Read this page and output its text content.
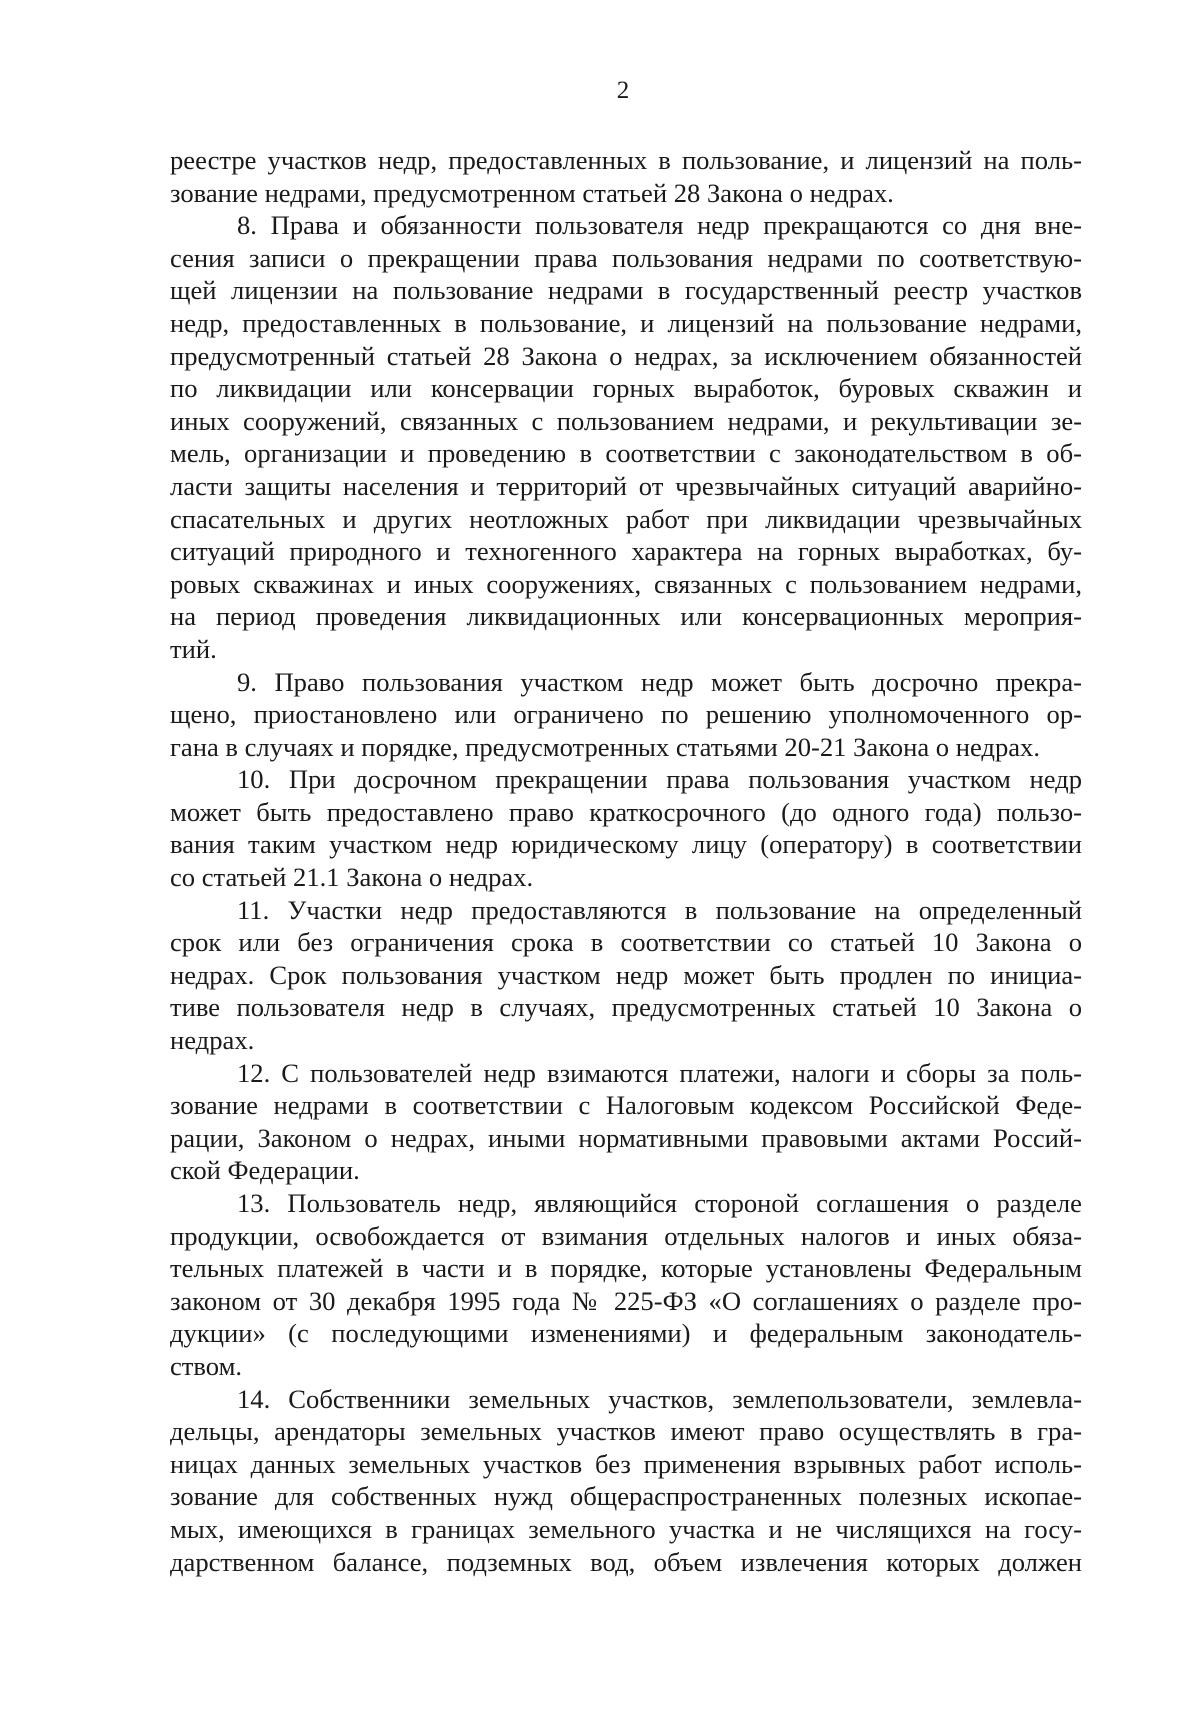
2
реестре участков недр, предоставленных в пользование, и лицензий на поль-
зование недрами, предусмотренном статьей 28 Закона о недрах.
8. Права и обязанности пользователя недр прекращаются со дня вне-
сения записи о прекращении права пользования недрами по соответствую-
щей лицензии на пользование недрами в государственный реестр участков
недр, предоставленных в пользование, и лицензий на пользование недрами,
предусмотренный статьей 28 Закона о недрах, за исключением обязанностей
по ликвидации или консервации горных выработок, буровых скважин и
иных сооружений, связанных с пользованием недрами, и рекультивации зе-
мель, организации и проведению в соответствии с законодательством в об-
ласти защиты населения и территорий от чрезвычайных ситуаций аварийно-
спасательных и других неотложных работ при ликвидации чрезвычайных
ситуаций природного и техногенного характера на горных выработках, бу-
ровых скважинах и иных сооружениях, связанных с пользованием недрами,
на период проведения ликвидационных или консервационных мероприя-
тий.
9. Право пользования участком недр может быть досрочно прекра-
щено, приостановлено или ограничено по решению уполномоченного ор-
гана в случаях и порядке, предусмотренных статьями 20-21 Закона о недрах.
10. При досрочном прекращении права пользования участком недр
может быть предоставлено право краткосрочного (до одного года) пользо-
вания таким участком недр юридическому лицу (оператору) в соответствии
со статьей 21.1 Закона о недрах.
11. Участки недр предоставляются в пользование на определенный
срок или без ограничения срока в соответствии со статьей 10 Закона о
недрах. Срок пользования участком недр может быть продлен по инициа-
тиве пользователя недр в случаях, предусмотренных статьей 10 Закона о
недрах.
12. С пользователей недр взимаются платежи, налоги и сборы за поль-
зование недрами в соответствии с Налоговым кодексом Российской Феде-
рации, Законом о недрах, иными нормативными правовыми актами Россий-
ской Федерации.
13. Пользователь недр, являющийся стороной соглашения о разделе
продукции, освобождается от взимания отдельных налогов и иных обяза-
тельных платежей в части и в порядке, которые установлены Федеральным
законом от 30 декабря 1995 года № 225-ФЗ «О соглашениях о разделе про-
дукции» (с последующими изменениями) и федеральным законодатель-
ством.
14. Собственники земельных участков, землепользователи, землевла-
дельцы, арендаторы земельных участков имеют право осуществлять в гра-
ницах данных земельных участков без применения взрывных работ исполь-
зование для собственных нужд общераспространенных полезных ископае-
мых, имеющихся в границах земельного участка и не числящихся на госу-
дарственном балансе, подземных вод, объем извлечения которых должен
